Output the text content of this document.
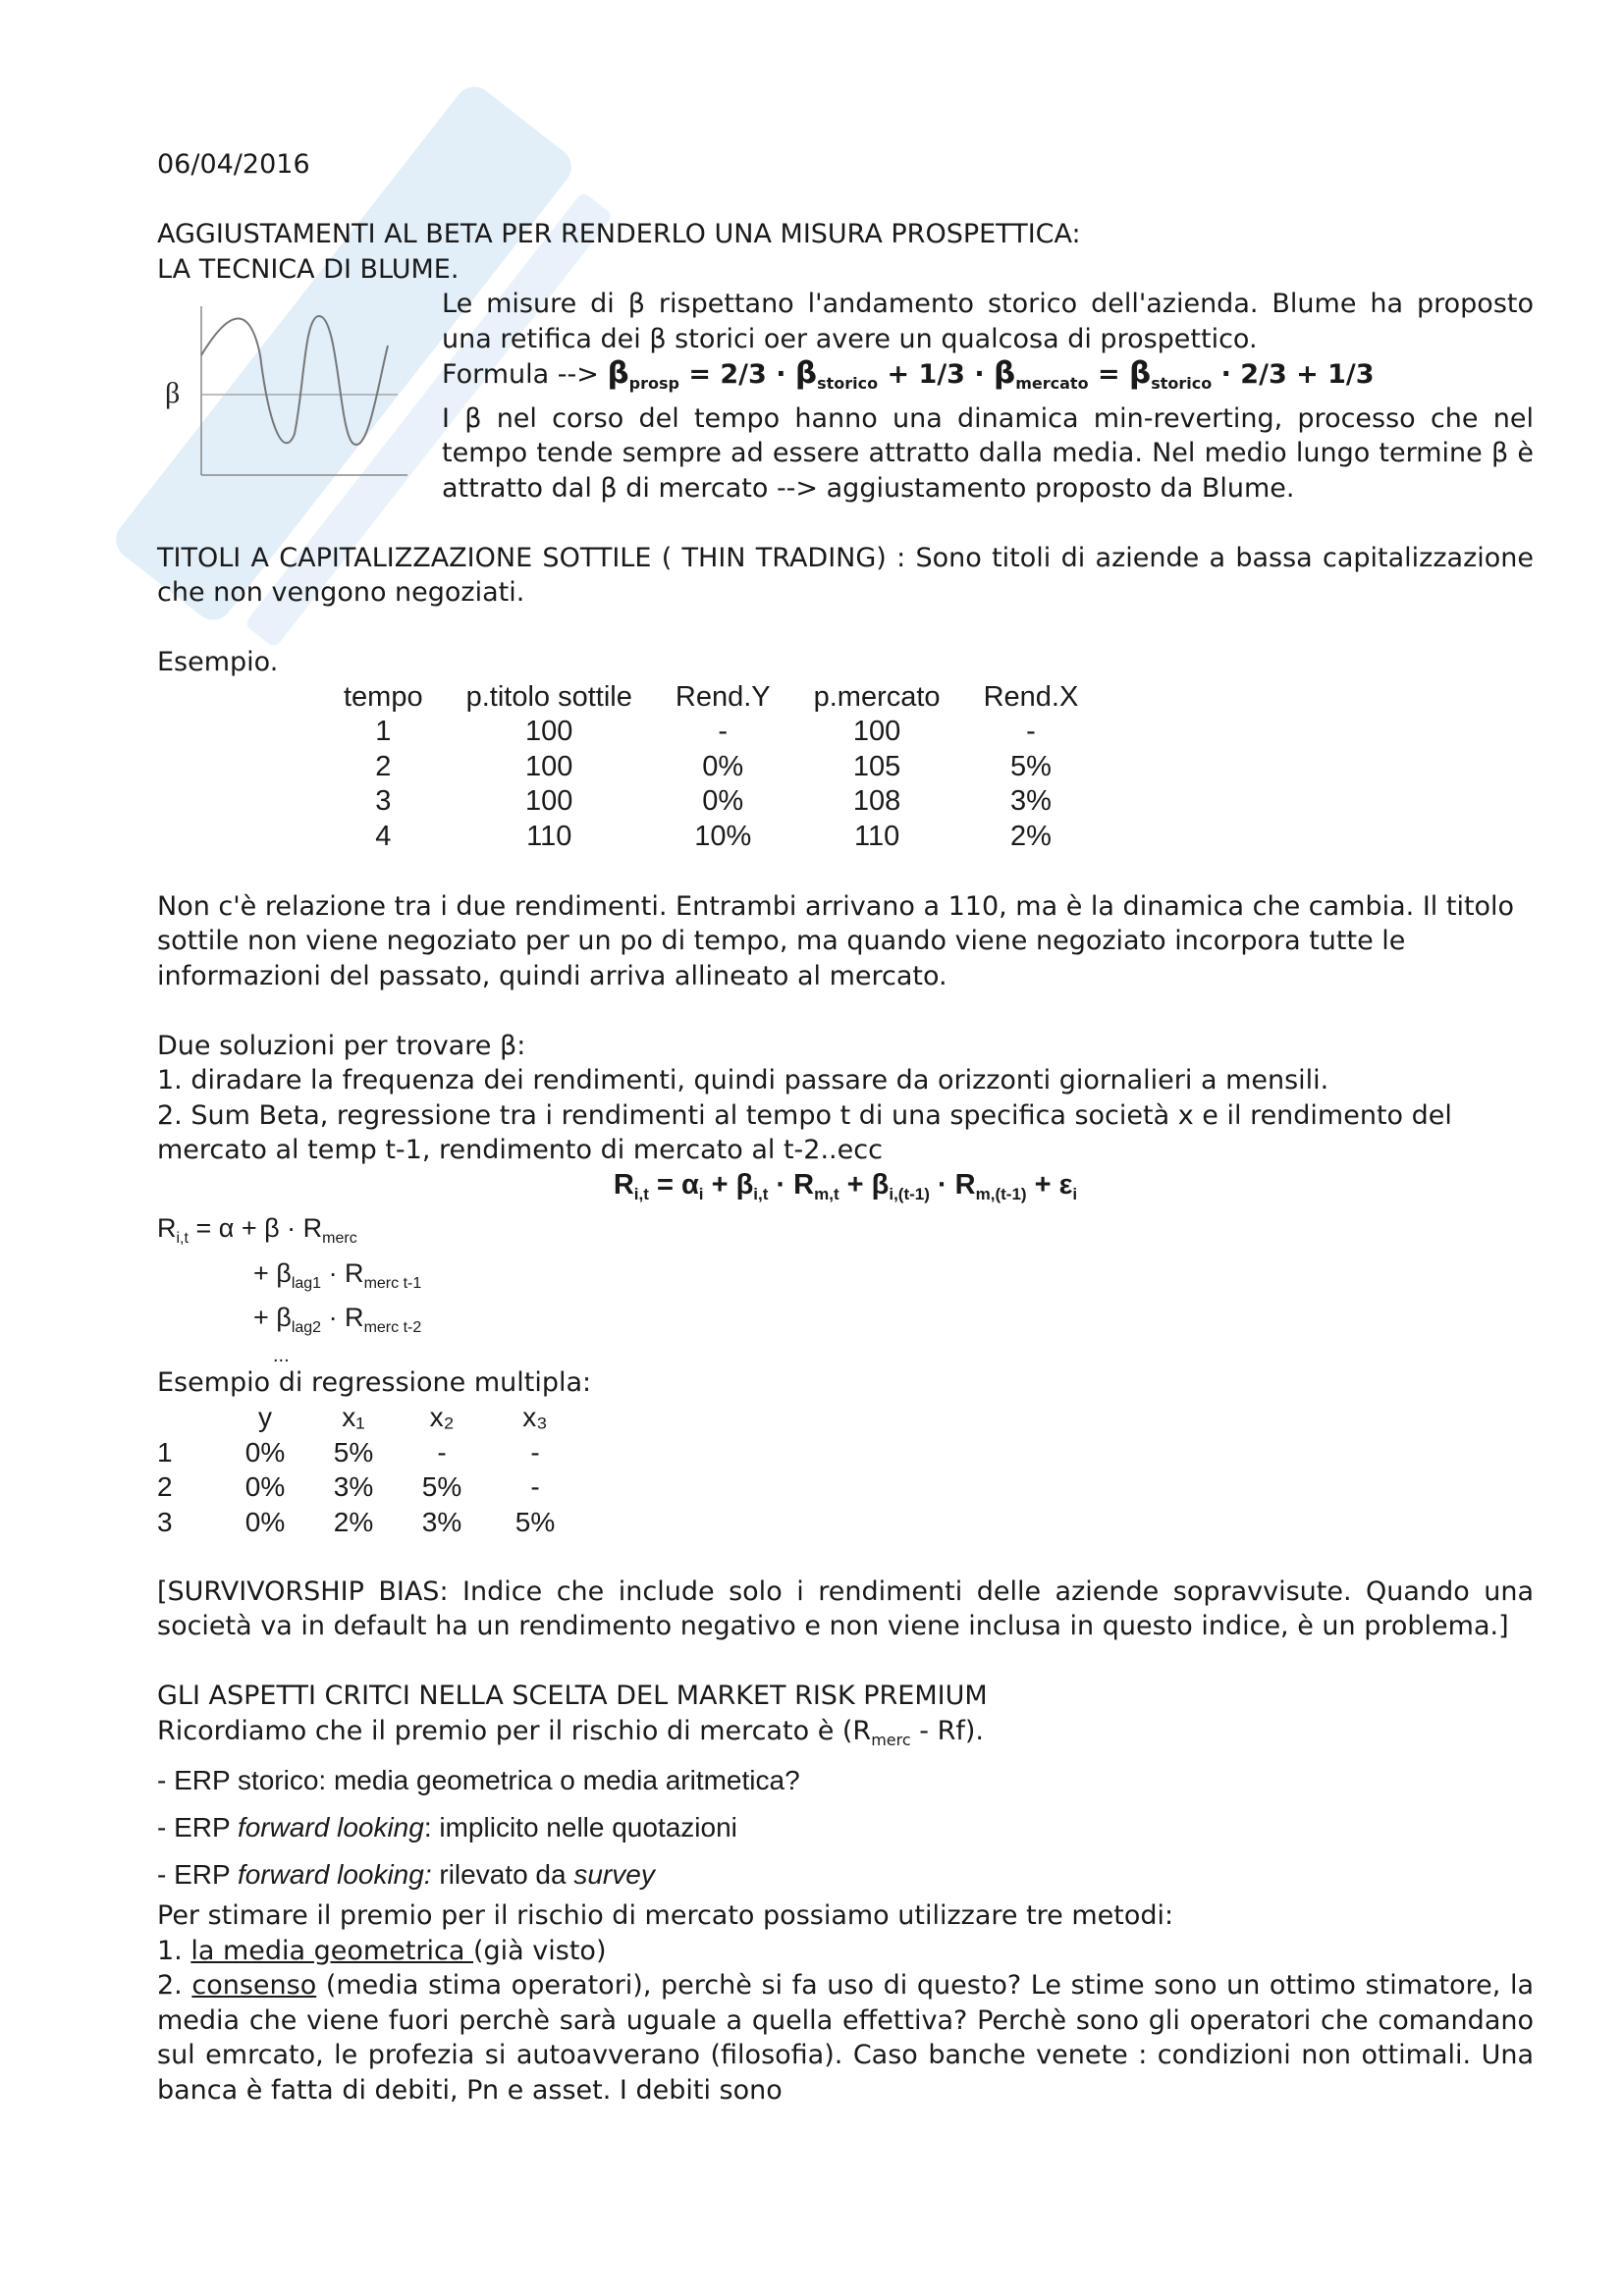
06/04/2016

AGGIUSTAMENTI AL BETA PER RENDERLO UNA MISURA PROSPETTICA:

LA TECNICA DI BLUME.

β

Le misure di β rispettano l'andamento storico dell'azienda. Blume ha proposto una retifica dei β storici oer avere un qualcosa di prospettico.

Formula --> $\beta_{prosp} = 2/3 \cdot \beta_{storico} + 1/3 \cdot \beta_{mercato} = \beta_{storico} \cdot 2/3 + 1/3$

I β nel corso del tempo hanno una dinamica min-reverting, processo che nel tempo tende sempre ad essere attratto dalla media. Nel medio lungo termine β è attratto dal β di mercato --> aggiustamento proposto da Blume.

TITOLI A CAPITALIZZAZIONE SOTTILE ( THIN TRADING) : Sono titoli di aziende a bassa capitalizzazione che non vengono negoziati.

Esempio.

tempo	p.titolo sottile	Rend.Y	p.mercato	Rend.X
1	100	-	100	-
2	100	0%	105	5%
3	100	0%	108	3%
4	110	10%	110	2%

Non c'è relazione tra i due rendimenti. Entrambi arrivano a 110, ma è la dinamica che cambia. Il titolo sottile non viene negoziato per un po di tempo, ma quando viene negoziato incorpora tutte le informazioni del passato, quindi arriva allineato al mercato.

Due soluzioni per trovare β:

1. diradare la frequenza dei rendimenti, quindi passare da orizzonti giornalieri a mensili.

2. Sum Beta, regressione tra i rendimenti al tempo t di una specifica società x e il rendimento del mercato al temp t-1, rendimento di mercato al t-2..ecc

$R_{i,t} = \alpha_i + \beta_{i,t} \cdot R_{m,t} + \beta_{i,(t-1)} \cdot R_{m,(t-1)} + \varepsilon_i$

$R_{i,t} = \alpha + \beta \cdot R_{merc}$

+ $\beta_{lag1} \cdot R_{merc t-1}$

+ $\beta_{lag2} \cdot R_{merc t-2}$

...

Esempio di regressione multipla:

	y	x₁	x₂	x₃
1	0%	5%	-	-
2	0%	3%	5%	-
3	0%	2%	3%	5%

[SURVIVORSHIP BIAS: Indice che include solo i rendimenti delle aziende sopravvisute. Quando una società va in default ha un rendimento negativo e non viene inclusa in questo indice, è un problema.]

GLI ASPETTI CRITCI NELLA SCELTA DEL MARKET RISK PREMIUM

Ricordiamo che il premio per il rischio di mercato è $(R_{merc} - Rf)$.

- ERP storico: media geometrica o media aritmetica?

- ERP forward looking: implicito nelle quotazioni

- ERP forward looking: rilevato da survey

Per stimare il premio per il rischio di mercato possiamo utilizzare tre metodi:

1. la media geometrica (già visto)

2. consenso (media stima operatori), perchè si fa uso di questo? Le stime sono un ottimo stimatore, la media che viene fuori perchè sarà uguale a quella effettiva? Perchè sono gli operatori che comandano sul emrcato, le profezia si autoavverano (filosofia). Caso banche venete : condizioni non ottimali. Una banca è fatta di debiti, Pn e asset. I debiti sono
